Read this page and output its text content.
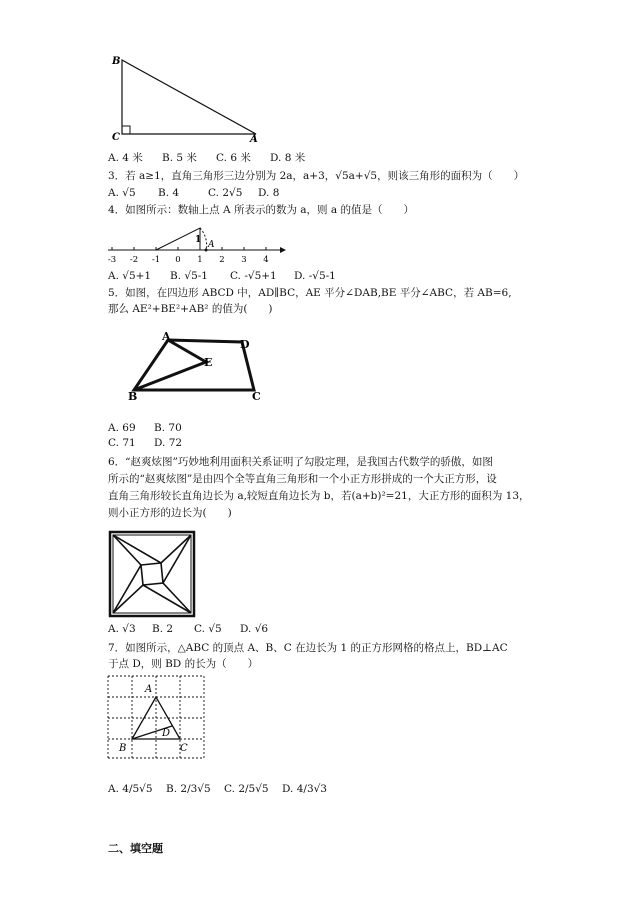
B
C	A
A. 4 米 B. 5 米 C. 6 米 D. 8 米
3．若 a≥1，直角三角形三边分别为 2a，a+3，√5a+√5，则该三角形的面积为（　　）
A. √5 B. 4	C. 2√5 D. 8
4．如图所示：数轴上点 A 所表示的数为 a，则 a 的值是（　　）
1 A
-3 -2 -1 0 1 2 3 4
A. √5+1 B. √5-1 C. -√5+1 D. -√5-1
5．如图，在四边形 ABCD 中，AD∥BC，AE 平分∠DAB,BE 平分∠ABC，若 AB=6,
那么 AE²+BE²+AB² 的值为(　　)
A
D
E
B	C
A. 69 B. 70
C. 71 D. 72
6．“赵爽炫图”巧妙地利用面积关系证明了勾股定理，是我国古代数学的骄傲，如图
所示的“赵爽炫图”是由四个全等直角三角形和一个小正方形拼成的一个大正方形，设
直角三角形较长直角边长为 a,较短直角边长为 b，若(a+b)²=21，大正方形的面积为 13，
则小正方形的边长为(　　)
A. √3 B. 2 C. √5 D. √6
7．如图所示，△ABC 的顶点 A、B、C 在边长为 1 的正方形网格的格点上，BD⊥AC
于点 D，则 BD 的长为（　　）
A
B	C
D
A. 4/5√5 B. 2/3√5 C. 2/5√5 D. 4/3√3
二、填空题
